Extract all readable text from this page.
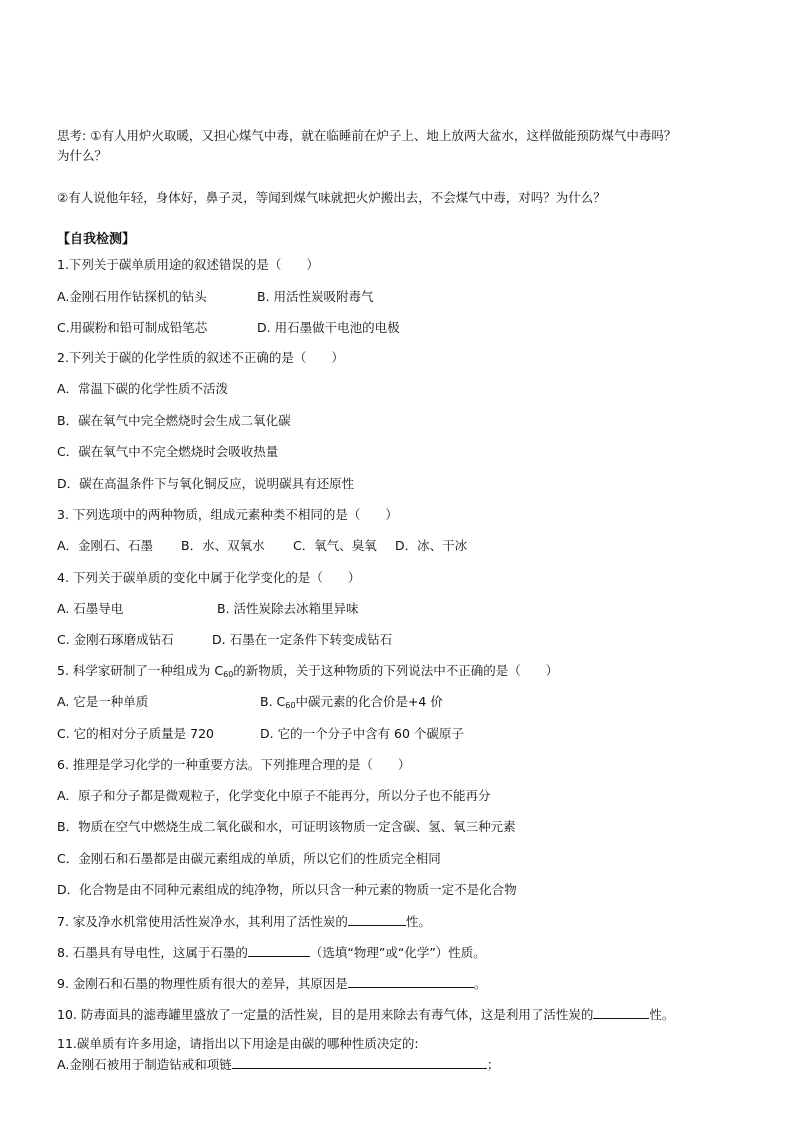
思考: ①有人用炉火取暖，又担心煤气中毒，就在临睡前在炉子上、地上放两大盆水，这样做能预防煤气中毒吗？
为什么？
②有人说他年轻，身体好，鼻子灵，等闻到煤气味就把火炉搬出去，不会煤气中毒，对吗？为什么？
【自我检测】
1.下列关于碳单质用途的叙述错误的是（　　）
A.金刚石用作钻探机的钻头	B. 用活性炭吸附毒气
C.用碳粉和铅可制成铅笔芯	D. 用石墨做干电池的电极
2.下列关于碳的化学性质的叙述不正确的是（　　）
A．常温下碳的化学性质不活泼
B．碳在氧气中完全燃烧时会生成二氧化碳
C．碳在氧气中不完全燃烧时会吸收热量
D．碳在高温条件下与氧化铜反应，说明碳具有还原性
3. 下列选项中的两种物质，组成元素种类不相同的是（　　）
A．金刚石、石墨 B．水、双氧水 C．氧气、臭氧 D．冰、干冰
4. 下列关于碳单质的变化中属于化学变化的是（　　）
A. 石墨导电	B. 活性炭除去冰箱里异味
C. 金刚石琢磨成钻石	D. 石墨在一定条件下转变成钻石
5. 科学家研制了一种组成为 $C_{60}$的新物质，关于这种物质的下列说法中不正确的是（　　）
A. 它是一种单质	B. $C_{60}$中碳元素的化合价是+4 价
C. 它的相对分子质量是 720	D. 它的一个分子中含有 60 个碳原子
6. 推理是学习化学的一种重要方法。下列推理合理的是（　　）
A．原子和分子都是微观粒子，化学变化中原子不能再分，所以分子也不能再分
B．物质在空气中燃烧生成二氧化碳和水，可证明该物质一定含碳、氢、氧三种元素
C．金刚石和石墨都是由碳元素组成的单质，所以它们的性质完全相同
D．化合物是由不同种元素组成的纯净物，所以只含一种元素的物质一定不是化合物
7. 家及净水机常使用活性炭净水，其利用了活性炭的	性。
8. 石墨具有导电性，这属于石墨的	（选填“物理”或“化学”）性质。
9. 金刚石和石墨的物理性质有很大的差异，其原因是	。
10. 防毒面具的滤毒罐里盛放了一定量的活性炭，目的是用来除去有毒气体，这是利用了活性炭的	性。
11.碳单质有许多用途，请指出以下用途是由碳的哪种性质决定的:
A.金刚石被用于制造钻戒和项链	；
